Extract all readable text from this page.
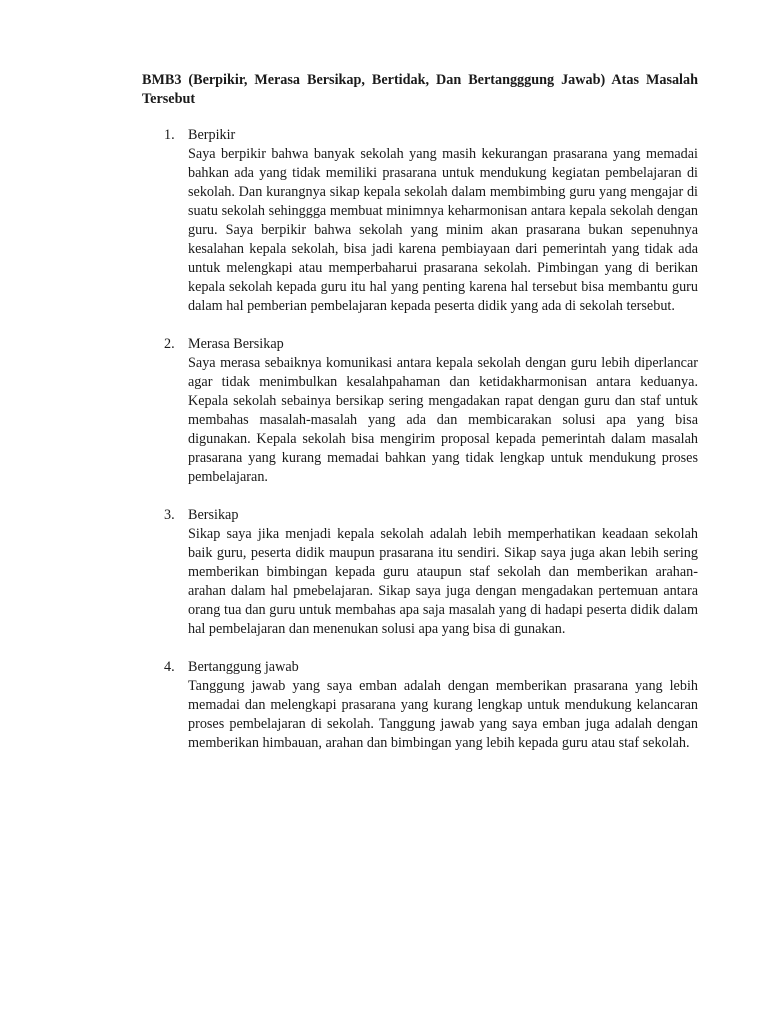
BMB3 (Berpikir, Merasa Bersikap, Bertidak, Dan Bertangggung Jawab) Atas Masalah Tersebut
1. Berpikir

Saya berpikir bahwa banyak sekolah yang masih kekurangan prasarana yang memadai bahkan ada yang tidak memiliki prasarana untuk mendukung kegiatan pembelajaran di sekolah. Dan kurangnya sikap kepala sekolah dalam membimbing guru yang mengajar di suatu sekolah sehinggga membuat minimnya keharmonisan antara kepala sekolah dengan guru. Saya berpikir bahwa sekolah yang minim akan prasarana bukan sepenuhnya kesalahan kepala sekolah, bisa jadi karena pembiayaan dari pemerintah yang tidak ada untuk melengkapi atau memperbaharui prasarana sekolah. Pimbingan yang di berikan kepala sekolah kepada guru itu hal yang penting karena hal tersebut bisa membantu guru dalam hal pemberian pembelajaran kepada peserta didik yang ada di sekolah tersebut.

2. Merasa Bersikap

Saya merasa sebaiknya komunikasi antara kepala sekolah dengan guru lebih diperlancar agar tidak menimbulkan kesalahpahaman dan ketidakharmonisan antara keduanya. Kepala sekolah sebainya bersikap sering mengadakan rapat dengan guru dan staf untuk membahas masalah-masalah yang ada dan membicarakan solusi apa yang bisa digunakan. Kepala sekolah bisa mengirim proposal kepada pemerintah dalam masalah prasarana yang kurang memadai bahkan yang tidak lengkap untuk mendukung proses pembelajaran.

3. Bersikap

Sikap saya jika menjadi kepala sekolah adalah lebih memperhatikan keadaan sekolah baik guru, peserta didik maupun prasarana itu sendiri. Sikap saya juga akan lebih sering memberikan bimbingan kepada guru ataupun staf sekolah dan memberikan arahan-arahan dalam hal pmebelajaran. Sikap saya juga dengan mengadakan pertemuan antara orang tua dan guru untuk membahas apa saja masalah yang di hadapi peserta didik dalam hal pembelajaran dan menenukan solusi apa yang bisa di gunakan.

4. Bertanggung jawab

Tanggung jawab yang saya emban adalah dengan memberikan prasarana yang lebih memadai dan melengkapi prasarana yang kurang lengkap untuk mendukung kelancaran proses pembelajaran di sekolah. Tanggung jawab yang saya emban juga adalah dengan memberikan himbauan, arahan dan bimbingan yang lebih kepada guru atau staf sekolah.
